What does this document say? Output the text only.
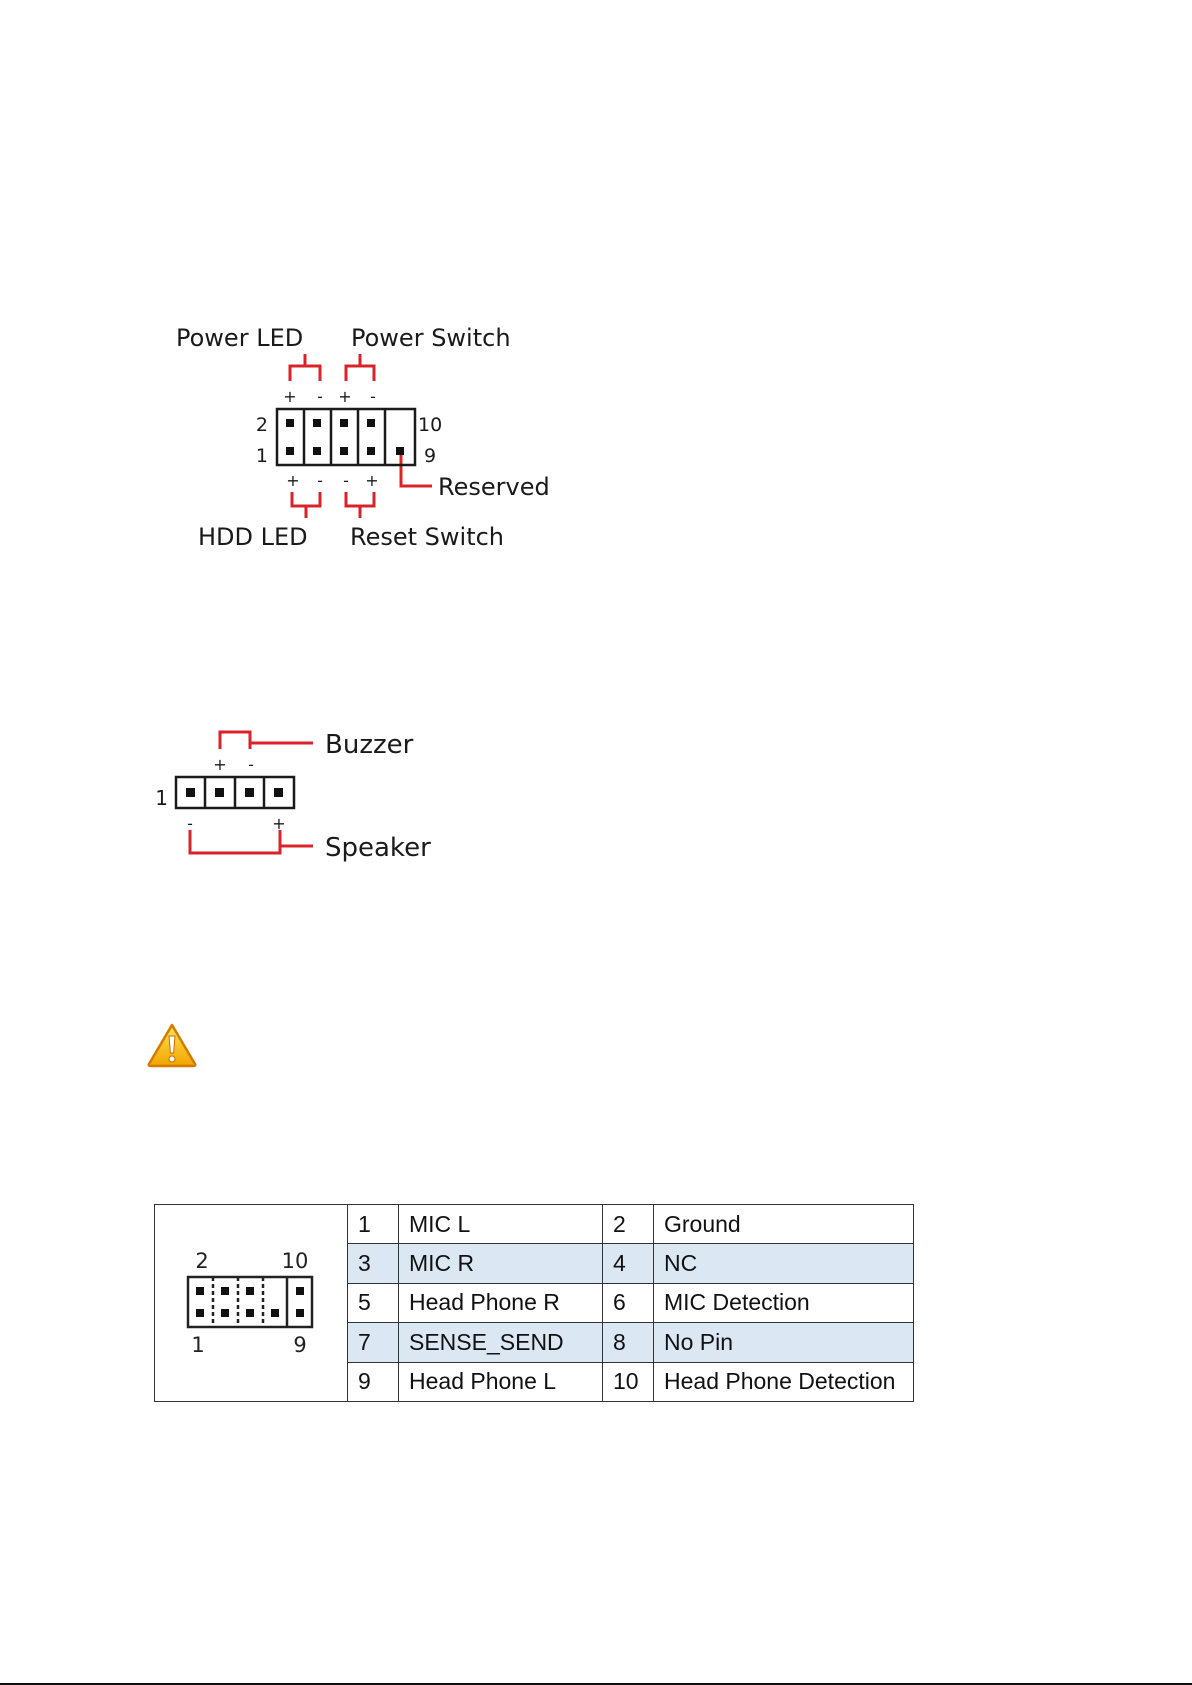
+ - + -
+ - - +
2
1
10
9
Power LED Power Switch
Reserved
HDD LED Reset Switch
+ -
-	+
1
Buzzer
Speaker
2 10
1 9	1	MIC L	2	Ground
	3	MIC R	4	NC
	5	Head Phone R	6	MIC Detection
	7	SENSE_SEND	8	No Pin
	9	Head Phone L	10	Head Phone Detection
